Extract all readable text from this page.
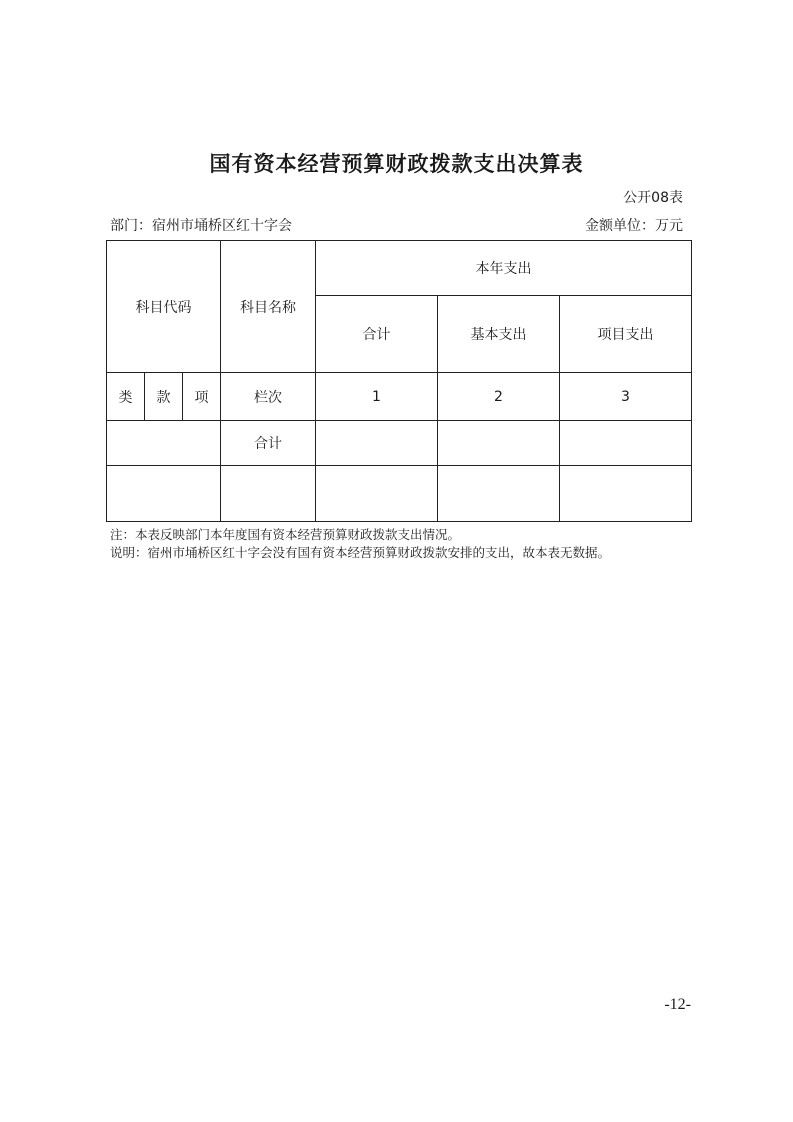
国有资本经营预算财政拨款支出决算表
公开08表
部门：宿州市埇桥区红十字会	金额单位：万元
科目代码			科目名称	本年支出		
				合计	基本支出	项目支出
类	款	项	栏次	1	2	3
			合计			

注：本表反映部门本年度国有资本经营预算财政拨款支出情况。
说明：宿州市埇桥区红十字会没有国有资本经营预算财政拨款安排的支出，故本表无数据。
-12-
